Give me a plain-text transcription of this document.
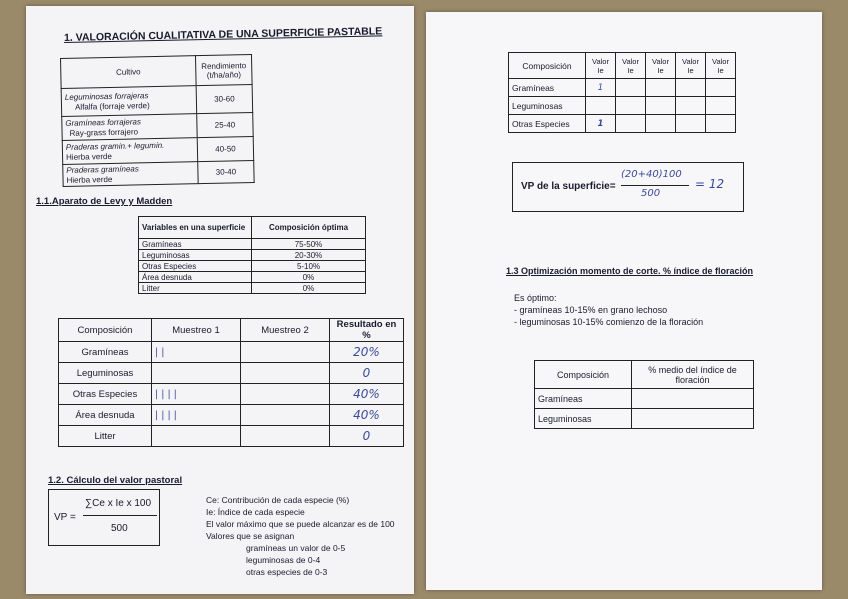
1. VALORACIÓN CUALITATIVA DE UNA SUPERFICIE PASTABLE
Cultivo	Rendimiento (t/ha/año)
Leguminosas forrajeras
Alfalfa (forraje verde)	30-60
Gramíneas forrajeras
Ray-grass forrajero	25-40
Praderas gramin.+ legumin.
Hierba verde	40-50
Praderas gramíneas
Hierba verde	30-40
1.1.Aparato de Levy y Madden
Variables en una superficie	Composición óptima
Gramíneas	75-50%
Leguminosas	20-30%
Otras Especies	5-10%
Área desnuda	0%
Litter	0%
Composición	Muestreo 1	Muestreo 2	Resultado en %
Gramíneas	| |		20%
Leguminosas			0
Otras Especies	| | | |		40%
Área desnuda	| | | |		40%
Litter			0
1.2. Cálculo del valor pastoral
VP =
∑Ce x Ie x 100
500
Ce: Contribución de cada especie (%)
Ie: Índice de cada especie
El valor máximo que se puede alcanzar es de 100
Valores que se asignan
gramíneas un valor de 0-5
leguminosas de 0-4
otras especies de 0-3
Composición	Valor Ie	Valor Ie	Valor Ie	Valor Ie	Valor Ie
Gramíneas	1				
Leguminosas					
Otras Especies	1				
VP de la superficie=
(20+40)100
500
= 12
1.3 Optimización momento de corte. % índice de floración
Es óptimo:
- gramíneas 10-15% en grano lechoso
- leguminosas 10-15% comienzo de la floración
Composición	% medio del índice de floración
Gramíneas	
Leguminosas	
